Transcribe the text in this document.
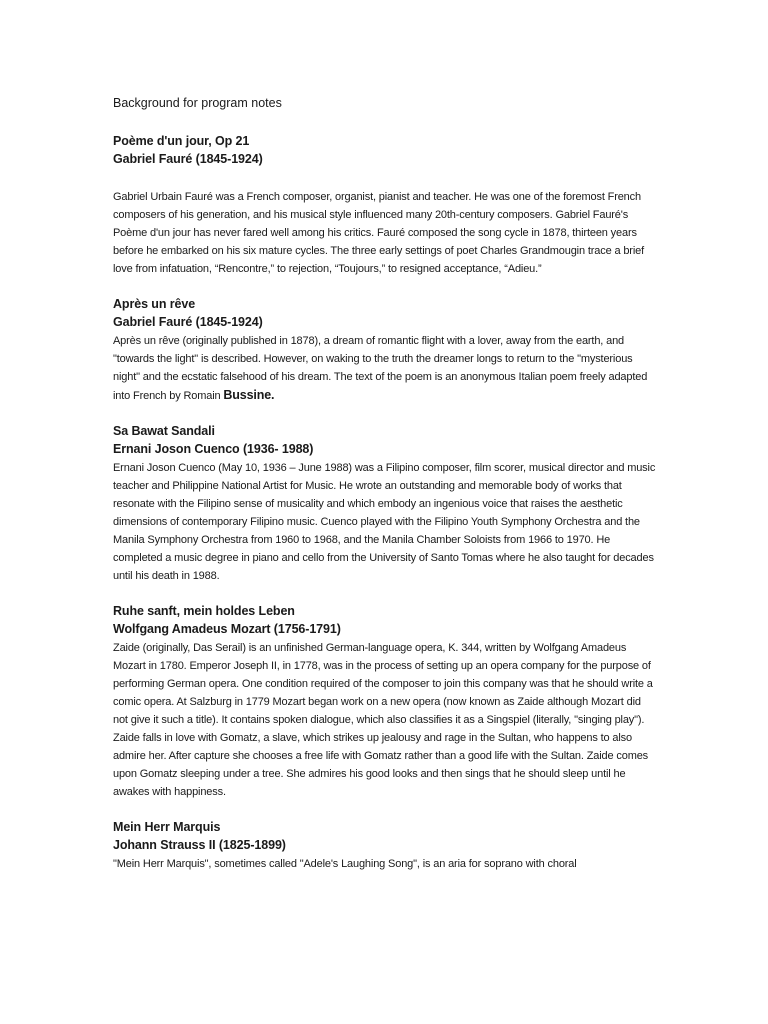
Background for program notes

Poème d'un jour, Op 21

Gabriel Fauré (1845-1924)

Gabriel Urbain Fauré was a French composer, organist, pianist and teacher. He was one of the foremost French composers of his generation, and his musical style influenced many 20th-century composers. Gabriel Fauré's Poème d'un jour has never fared well among his critics. Fauré composed the song cycle in 1878, thirteen years before he embarked on his six mature cycles. The three early settings of poet Charles Grandmougin trace a brief love from infatuation, “Rencontre,” to rejection, “Toujours,” to resigned acceptance, “Adieu.”

Après un rêve

Gabriel Fauré (1845-1924)

Après un rêve (originally published in 1878), a dream of romantic flight with a lover, away from the earth, and "towards the light" is described. However, on waking to the truth the dreamer longs to return to the "mysterious night" and the ecstatic falsehood of his dream. The text of the poem is an anonymous Italian poem freely adapted into French by Romain Bussine.

Sa Bawat Sandali

Ernani Joson Cuenco (1936- 1988)

Ernani Joson Cuenco (May 10, 1936 – June 1988) was a Filipino composer, film scorer, musical director and music teacher and Philippine National Artist for Music. He wrote an outstanding and memorable body of works that resonate with the Filipino sense of musicality and which embody an ingenious voice that raises the aesthetic dimensions of contemporary Filipino music. Cuenco played with the Filipino Youth Symphony Orchestra and the Manila Symphony Orchestra from 1960 to 1968, and the Manila Chamber Soloists from 1966 to 1970. He completed a music degree in piano and cello from the University of Santo Tomas where he also taught for decades until his death in 1988.

Ruhe sanft, mein holdes Leben

Wolfgang Amadeus Mozart (1756-1791)

Zaide (originally, Das Serail) is an unfinished German-language opera, K. 344, written by Wolfgang Amadeus Mozart in 1780. Emperor Joseph II, in 1778, was in the process of setting up an opera company for the purpose of performing German opera. One condition required of the composer to join this company was that he should write a comic opera. At Salzburg in 1779 Mozart began work on a new opera (now known as Zaide although Mozart did not give it such a title). It contains spoken dialogue, which also classifies it as a Singspiel (literally, "singing play"). Zaide falls in love with Gomatz, a slave, which strikes up jealousy and rage in the Sultan, who happens to also admire her. After capture she chooses a free life with Gomatz rather than a good life with the Sultan. Zaide comes upon Gomatz sleeping under a tree. She admires his good looks and then sings that he should sleep until he awakes with happiness.

Mein Herr Marquis

Johann Strauss II (1825-1899)

"Mein Herr Marquis", sometimes called "Adele's Laughing Song", is an aria for soprano with choral
